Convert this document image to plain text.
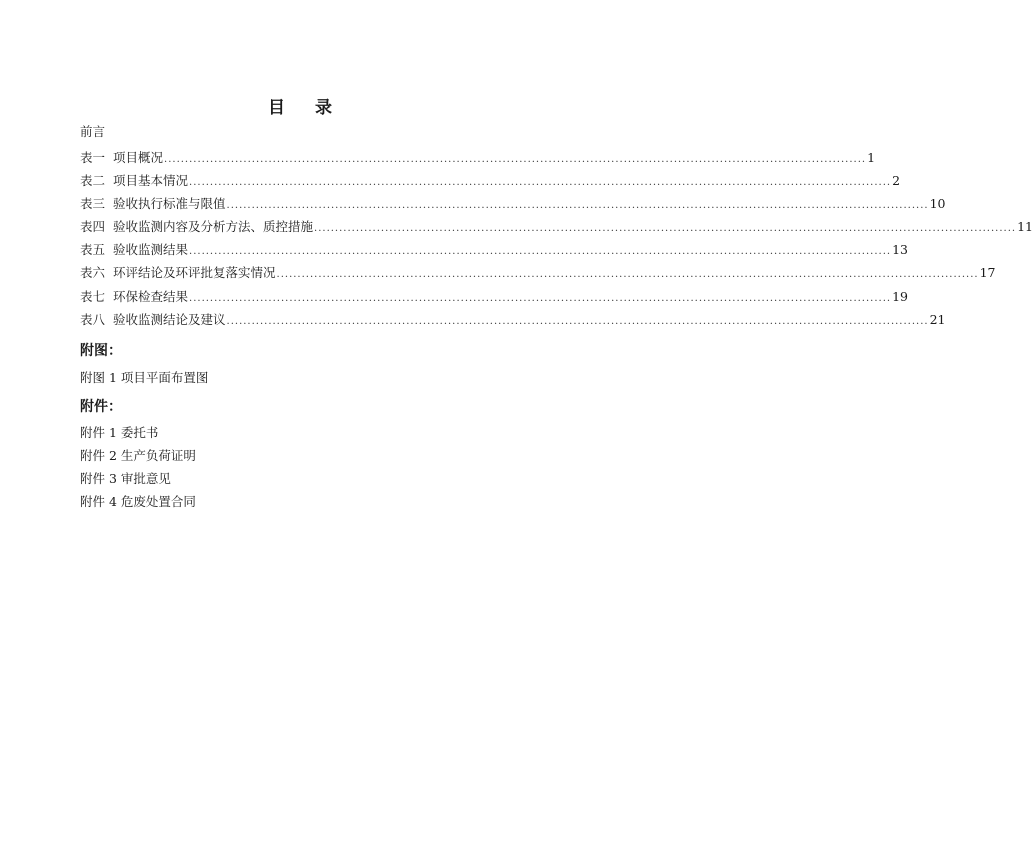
目 录
前言
表一 项目概况 ........................................................................................................................................................................ 1
表二 项目基本情况 ........................................................................................................................................................................ 2
表三 验收执行标准与限值 ........................................................................................................................................................................ 10
表四 验收监测内容及分析方法、质控措施 ........................................................................................................................................................................ 11
表五 验收监测结果 ........................................................................................................................................................................ 13
表六 环评结论及环评批复落实情况 ........................................................................................................................................................................ 17
表七 环保检查结果 ........................................................................................................................................................................ 19
表八 验收监测结论及建议 ........................................................................................................................................................................ 21
附图：
附图 1 项目平面布置图
附件：
附件 1 委托书
附件 2 生产负荷证明
附件 3 审批意见
附件 4 危废处置合同
